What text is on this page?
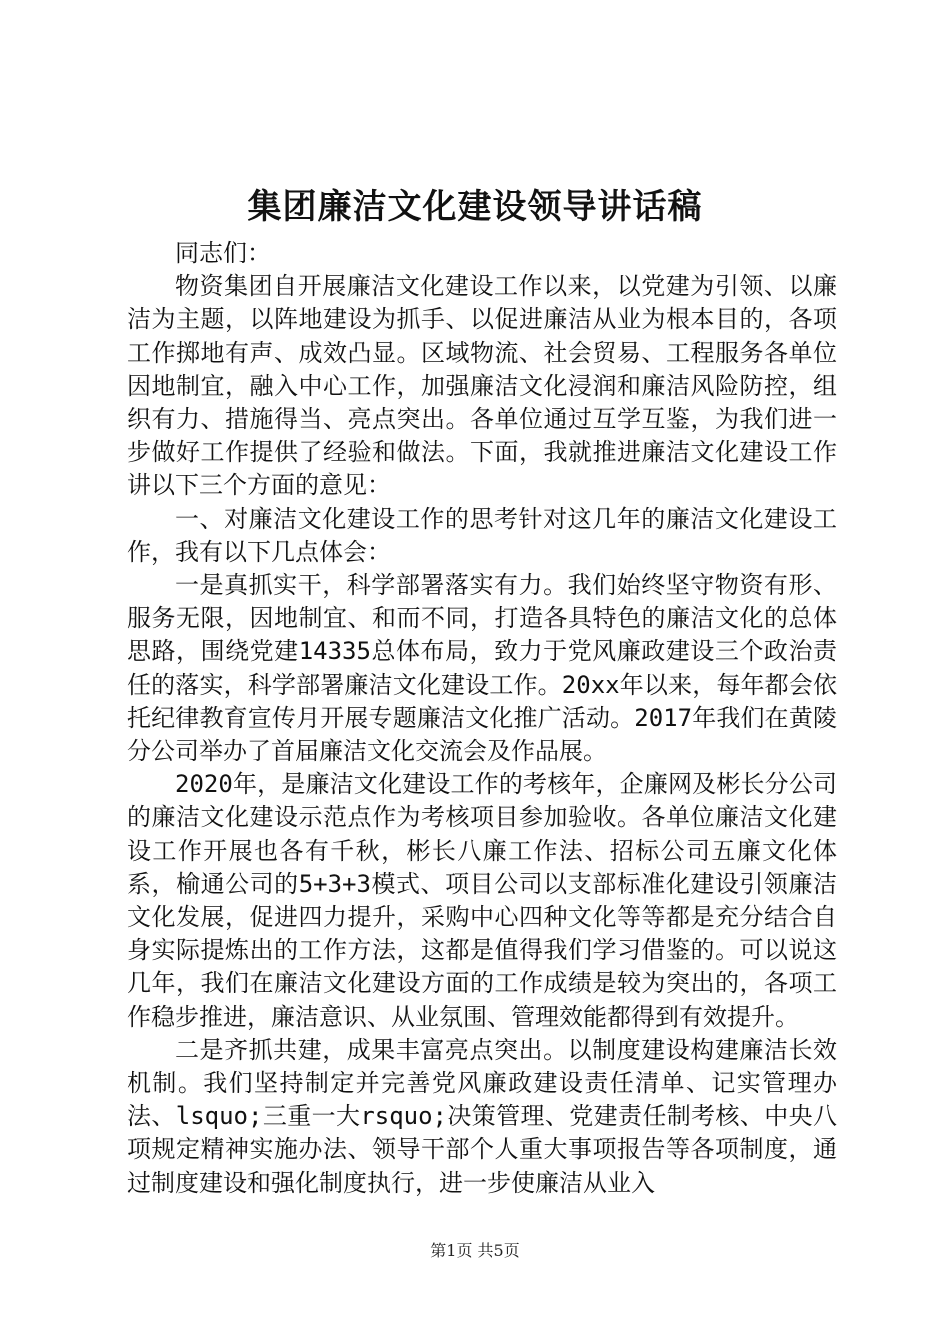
集团廉洁文化建设领导讲话稿

同志们：

物资集团自开展廉洁文化建设工作以来，以党建为引领、以廉洁为主题，以阵地建设为抓手、以促进廉洁从业为根本目的，各项工作掷地有声、成效凸显。区域物流、社会贸易、工程服务各单位因地制宜，融入中心工作，加强廉洁文化浸润和廉洁风险防控，组织有力、措施得当、亮点突出。各单位通过互学互鉴，为我们进一步做好工作提供了经验和做法。下面，我就推进廉洁文化建设工作讲以下三个方面的意见：

一、对廉洁文化建设工作的思考针对这几年的廉洁文化建设工作，我有以下几点体会：

一是真抓实干，科学部署落实有力。我们始终坚守物资有形、服务无限，因地制宜、和而不同，打造各具特色的廉洁文化的总体思路，围绕党建14335总体布局，致力于党风廉政建设三个政治责任的落实，科学部署廉洁文化建设工作。20xx年以来，每年都会依托纪律教育宣传月开展专题廉洁文化推广活动。2017年我们在黄陵分公司举办了首届廉洁文化交流会及作品展。

2020年，是廉洁文化建设工作的考核年，企廉网及彬长分公司的廉洁文化建设示范点作为考核项目参加验收。各单位廉洁文化建设工作开展也各有千秋，彬长八廉工作法、招标公司五廉文化体系，榆通公司的5+3+3模式、项目公司以支部标准化建设引领廉洁文化发展，促进四力提升，采购中心四种文化等等都是充分结合自身实际提炼出的工作方法，这都是值得我们学习借鉴的。可以说这几年，我们在廉洁文化建设方面的工作成绩是较为突出的，各项工作稳步推进，廉洁意识、从业氛围、管理效能都得到有效提升。

二是齐抓共建，成果丰富亮点突出。以制度建设构建廉洁长效机制。我们坚持制定并完善党风廉政建设责任清单、记实管理办法、lsquo;三重一大rsquo;决策管理、党建责任制考核、中央八项规定精神实施办法、领导干部个人重大事项报告等各项制度，通过制度建设和强化制度执行，进一步使廉洁从业入

第1页 共5页
